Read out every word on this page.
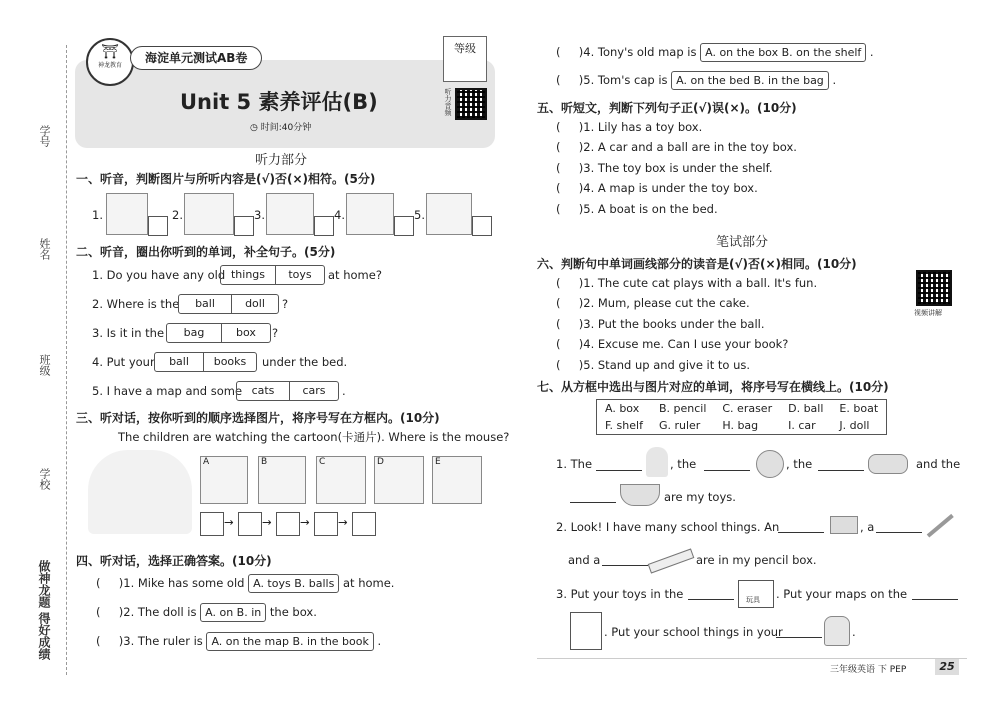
学号
姓名
班级
学校
做神龙题 得好成绩
⛩
神龙教育
海淀单元测试AB卷
Unit 5 素养评估(B)
◷ 时间:40分钟
等级
听力音频
听力部分
一、听音，判断图片与所听内容是(√)否(×)相符。(5分)
1.	2.	3.	4.	5.
二、听音，圈出你听到的单词，补全句子。(5分)
1. Do you have any old things	toys	at home?
2. Where is the	ball	doll	?
3. Is it in the	bag	box	?
4. Put your	ball	books	under the bed.
5. I have a map and some cats	cars	.
三、听对话，按你听到的顺序选择图片，将序号写在方框内。(10分)
The children are watching the cartoon(卡通片). Where is the mouse?
A	B	C	D	E
→ → → →
四、听对话，选择正确答案。(10分)
(     )1. Mike has some old A. toys B. balls at home.
(     )2. The doll is A. on B. in the box.
(     )3. The ruler is A. on the map B. in the book .
(     )4. Tony's old map is A. on the box B. on the shelf .
(     )5. Tom's cap is A. on the bed B. in the bag .
五、听短文，判断下列句子正(√)误(×)。(10分)
(     )1. Lily has a toy box.
(     )2. A car and a ball are in the toy box.
(     )3. The toy box is under the shelf.
(     )4. A map is under the toy box.
(     )5. A boat is on the bed.
笔试部分
视频讲解
六、判断句中单词画线部分的读音是(√)否(×)相同。(10分)
(     )1. The cute cat plays with a ball. It's fun.
(     )2. Mum, please cut the cake.
(     )3. Put the books under the ball.
(     )4. Excuse me. Can I use your book?
(     )5. Stand up and give it to us.
七、从方框中选出与图片对应的单词，将序号写在横线上。(10分)
A. box	B. pencil	C. eraser	D. ball	E. boat
F. shelf	G. ruler	H. bag	I. car	J. doll
1. The	, the	, the	and the
are my toys.
2. Look! I have many school things. An	, a
and a	are in my pencil box.
3. Put your toys in the	玩具 . Put your maps on the
. Put your school things in your	.
三年级英语 下 PEP	25
